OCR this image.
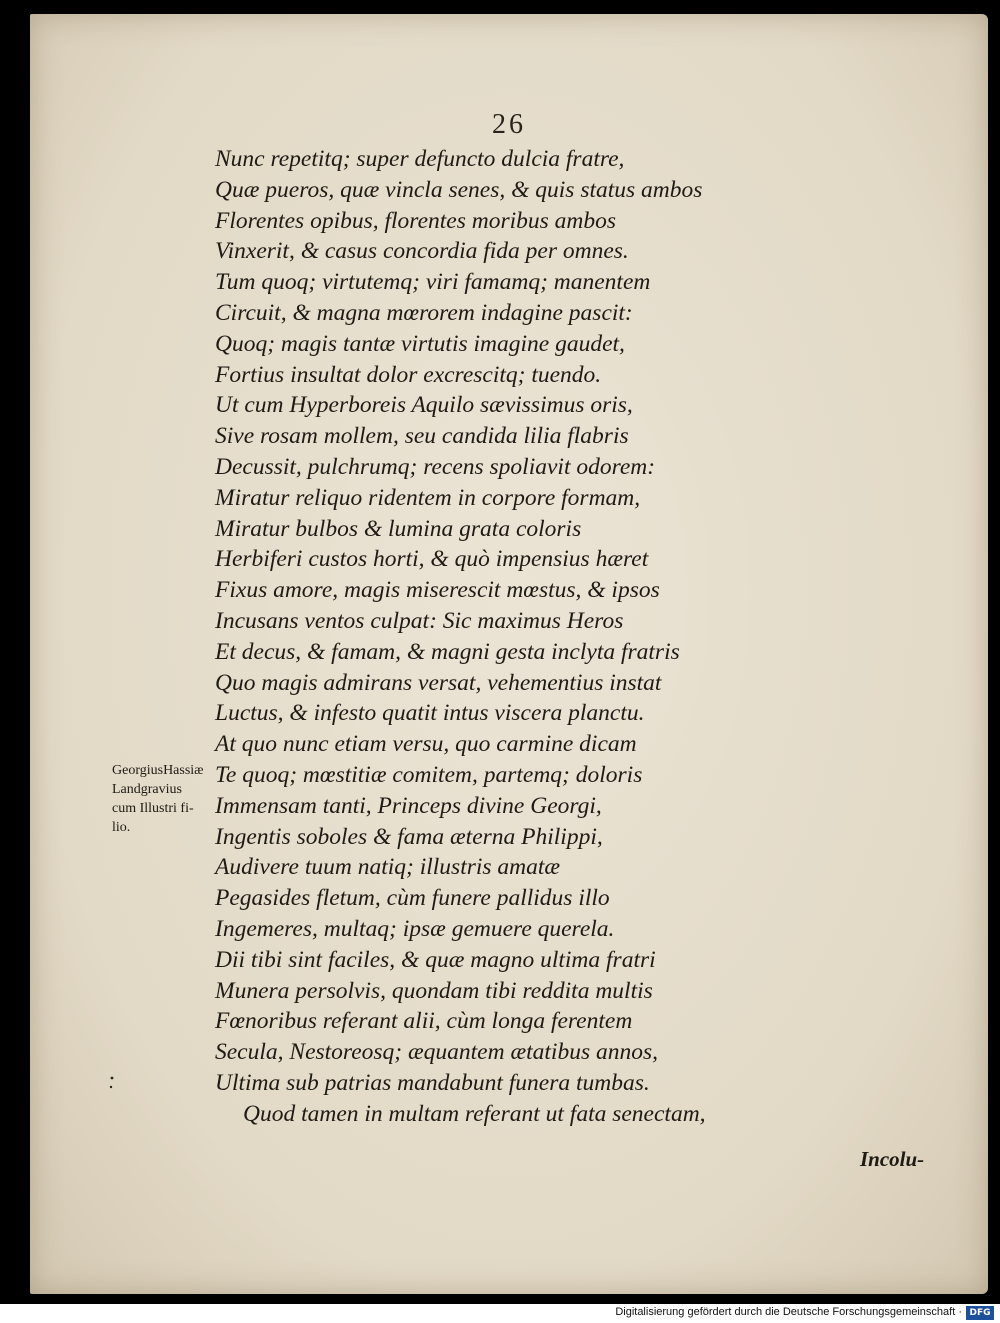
26
Nunc repetitq; super defuncto dulcia fratre,
Quæ pueros, quæ vincla senes, & quis status ambos
Florentes opibus, florentes moribus ambos
Vinxerit, & casus concordia fida per omnes.
Tum quoq; virtutemq; viri famamq; manentem
Circuit, & magna mœrorem indagine pascit:
Quoq; magis tantæ virtutis imagine gaudet,
Fortius insultat dolor excrescitq; tuendo.
Ut cum Hyperboreis Aquilo sævissimus oris,
Sive rosam mollem, seu candida lilia flabris
Decussit, pulchrumq; recens spoliavit odorem:
Miratur reliquo ridentem in corpore formam,
Miratur bulbos & lumina grata coloris
Herbiferi custos horti, & quò impensius hæret
Fixus amore, magis miserescit mœstus, & ipsos
Incusans ventos culpat: Sic maximus Heros
Et decus, & famam, & magni gesta inclyta fratris
Quo magis admirans versat, vehementius instat
Luctus, & infesto quatit intus viscera planctu.
At quo nunc etiam versu, quo carmine dicam
Te quoq; mœstitiæ comitem, partemq; doloris
Immensam tanti, Princeps divine Georgi,
Ingentis soboles & fama æterna Philippi,
Audivere tuum natiq; illustris amatæ
Pegasides fletum, cùm funere pallidus illo
Ingemeres, multaq; ipsæ gemuere querela.
Dii tibi sint faciles, & quæ magno ultima fratri
Munera persolvis, quondam tibi reddita multis
Fœnoribus referant alii, cùm longa ferentem
Secula, Nestoreosq; æquantem ætatibus annos,
Ultima sub patrias mandabunt funera tumbas.
Quod tamen in multam referant ut fata senectam,
GeorgiusHassiæ
Landgravius
cum Illustri fi-
lio.
Incolu-
Digitalisierung gefördert durch die Deutsche Forschungsgemeinschaft · DFG
